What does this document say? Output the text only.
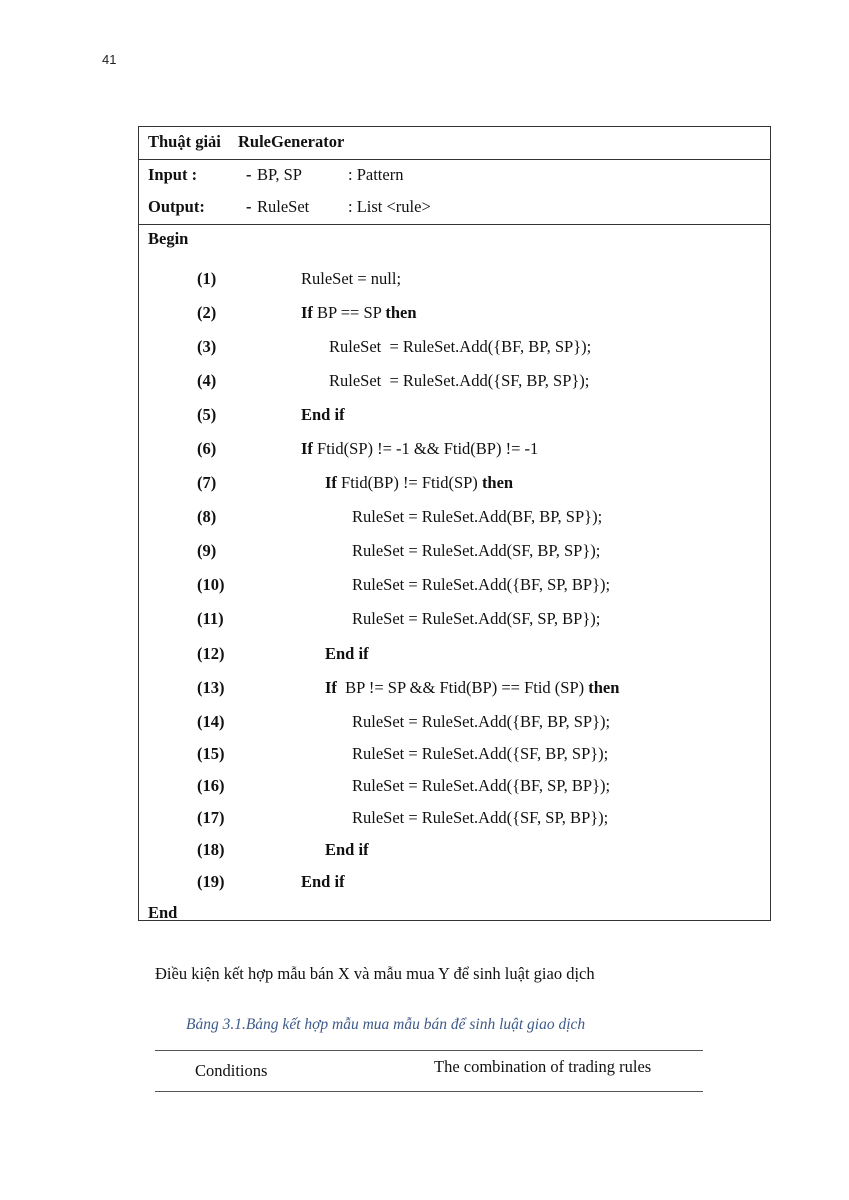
41
Thuật giải RuleGenerator
Input :	- BP, SP	: Pattern
Output: - RuleSet : List <rule>
Begin
(1)	RuleSet = null;
(2)	If BP == SP then
(3)	RuleSet  = RuleSet.Add({BF, BP, SP});
(4)	RuleSet  = RuleSet.Add({SF, BP, SP});
(5)	End if
(6)	If Ftid(SP) != -1 && Ftid(BP) != -1
(7)	If Ftid(BP) != Ftid(SP) then
(8)	RuleSet = RuleSet.Add(BF, BP, SP});
(9)	RuleSet = RuleSet.Add(SF, BP, SP});
(10)	RuleSet = RuleSet.Add({BF, SP, BP});
(11)	RuleSet = RuleSet.Add(SF, SP, BP});
(12)	End if
(13)	If  BP != SP && Ftid(BP) == Ftid (SP) then
(14)	RuleSet = RuleSet.Add({BF, BP, SP});
(15)	RuleSet = RuleSet.Add({SF, BP, SP});
(16)	RuleSet = RuleSet.Add({BF, SP, BP});
(17)	RuleSet = RuleSet.Add({SF, SP, BP});
(18)	End if
(19)	End if
End
Điều kiện kết hợp mẫu bán X và mẫu mua Y để sinh luật giao dịch
Bảng 3.1.Bảng kết hợp mẫu mua mẫu bán để sinh luật giao dịch
Conditions	The combination of trading rules
